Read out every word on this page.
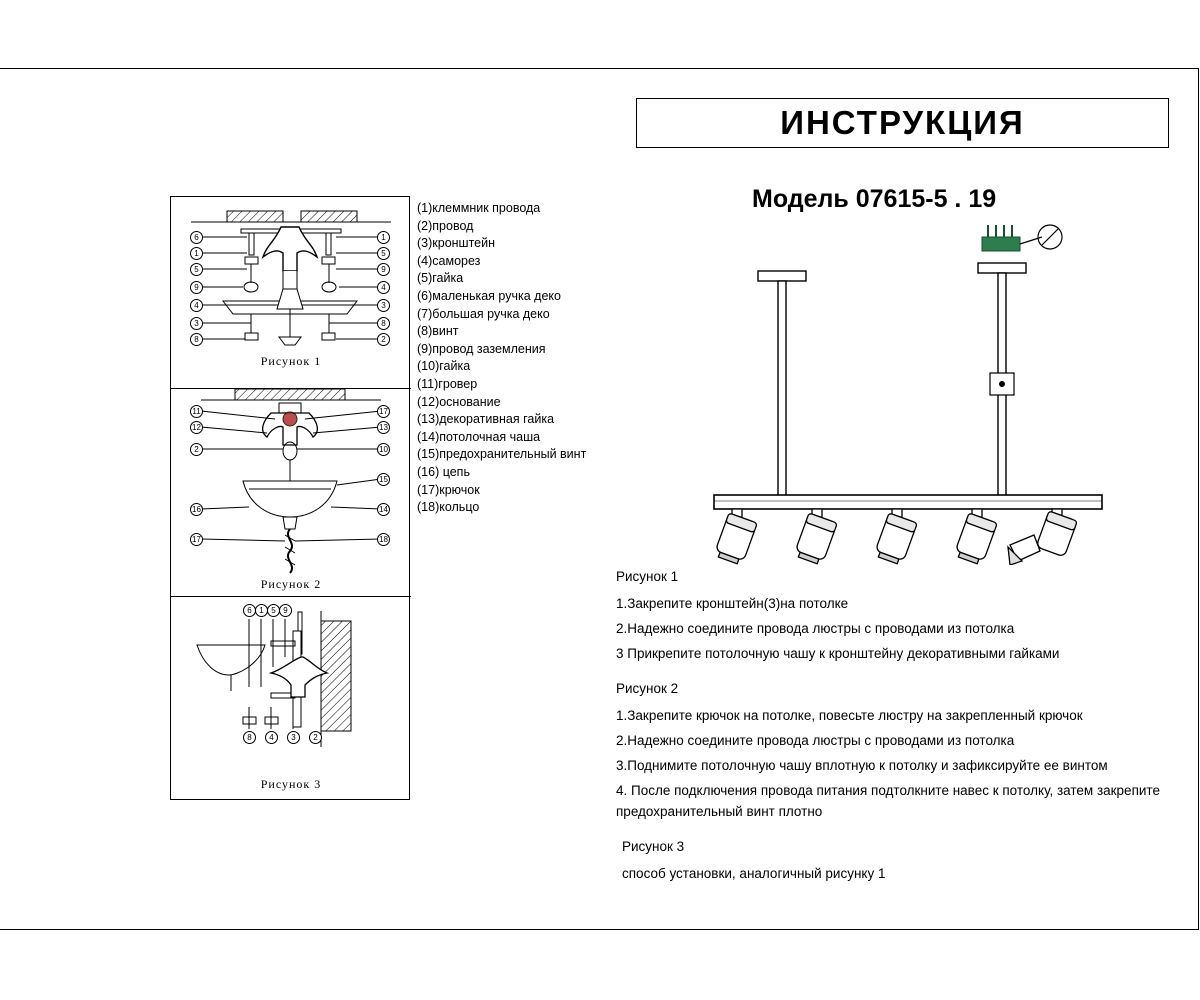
ИНСТРУКЦИЯ
Модель 07615-5 . 19
6
1
5
9
4
3
8
1
5
9
4
3
8
2
Рисунок 1
11
12
2
16
17
17
13
10
15
14
18
Рисунок 2
6 1 5 9
8	4	3	2
Рисунок 3
(1)клеммник провода
(2)провод
(3)кронштейн
(4)саморез
(5)гайка
(6)маленькая ручка деко
(7)большая ручка деко
(8)винт
(9)провод заземления
(10)гайка
(11)гровер
(12)основание
(13)декоративная гайка
(14)потолочная чаша
(15)предохранительный винт
(16) цепь
(17)крючок
(18)кольцо
Рисунок 1
1.Закрепите кронштейн(3)на потолке
2.Надежно соедините провода люстры с проводами из потолка
3 Прикрепите потолочную чашу к кронштейну декоративными гайками
Рисунок 2
1.Закрепите крючок на потолке, повесьте люстру на закрепленный крючок
2.Надежно соедините провода люстры с проводами из потолка
3.Поднимите потолочную чашу вплотную к потолку и зафиксируйте ее винтом
4. После подключения провода питания подтолкните навес к потолку, затем закрепите предохранительный винт плотно
Рисунок 3
способ установки, аналогичный рисунку 1
